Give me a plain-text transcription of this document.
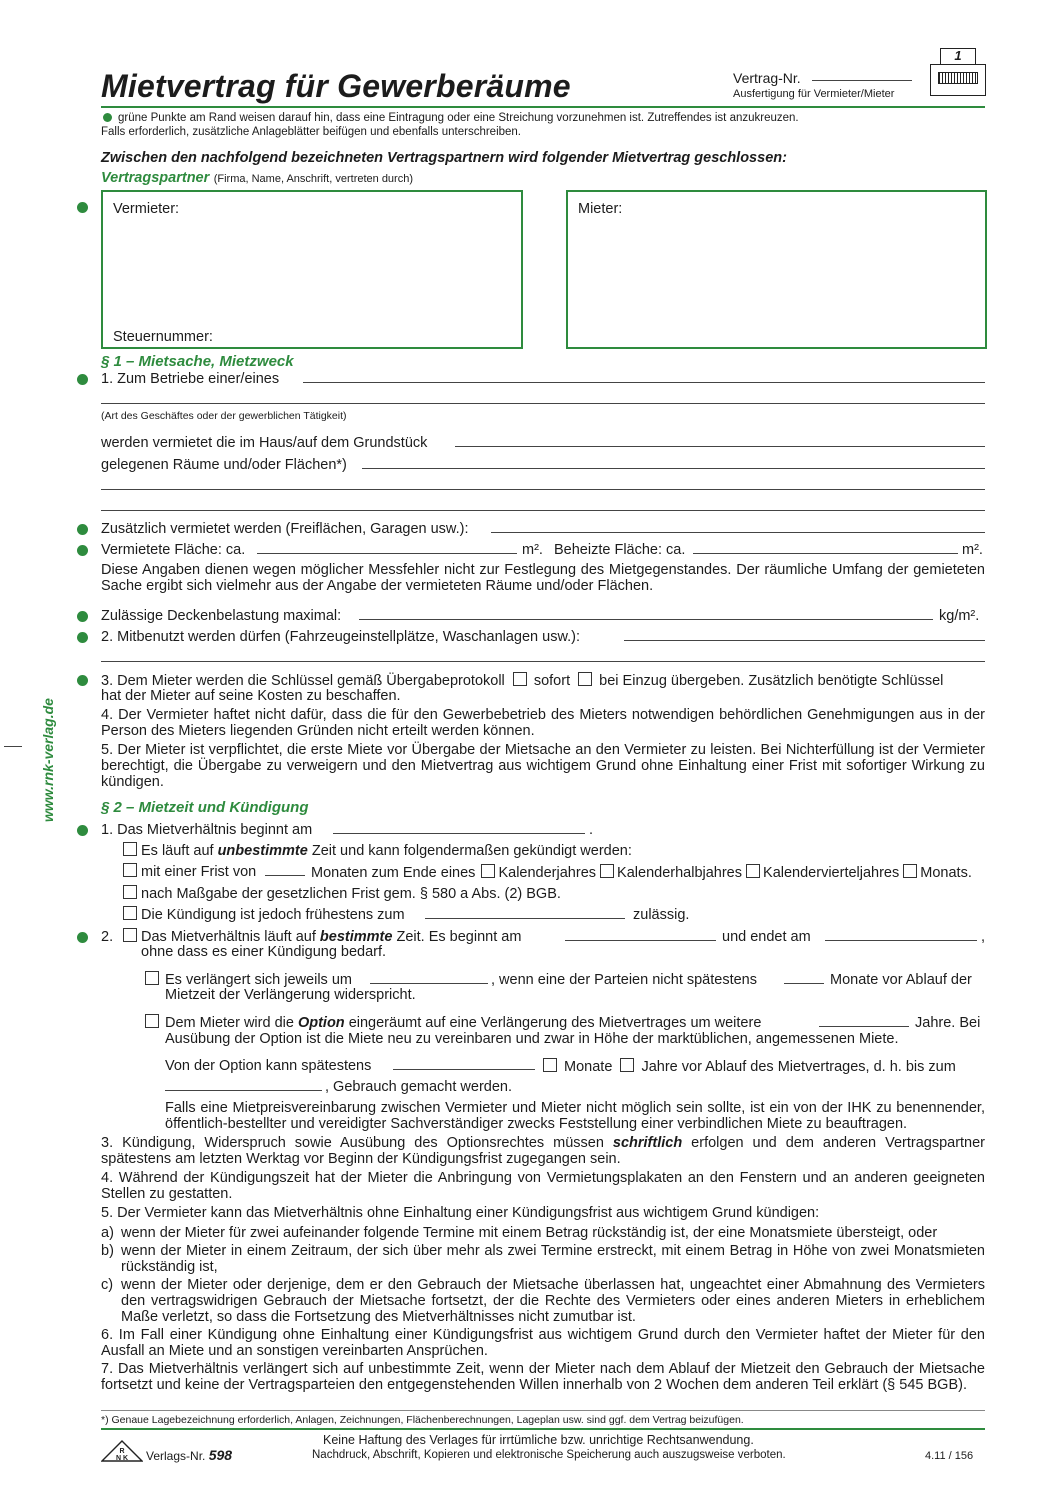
www.rnk-verlag.de
Mietvertrag für Gewerberäume	Vertrag-Nr.
Ausfertigung für Vermieter/Mieter
1
grüne Punkte am Rand weisen darauf hin, dass eine Eintragung oder eine Streichung vorzunehmen ist. Zutreffendes ist anzukreuzen.
Falls erforderlich, zusätzliche Anlageblätter beifügen und ebenfalls unterschreiben.
Zwischen den nachfolgend bezeichneten Vertragspartnern wird folgender Mietvertrag geschlossen:
Vertragspartner (Firma, Name, Anschrift, vertreten durch)
Vermieter:
Steuernummer:
Mieter:
§ 1 – Mietsache, Mietzweck
1. Zum Betriebe einer/eines
(Art des Geschäftes oder der gewerblichen Tätigkeit)
werden vermietet die im Haus/auf dem Grundstück
gelegenen Räume und/oder Flächen*)
Zusätzlich vermietet werden (Freiflächen, Garagen usw.):
Vermietete Fläche: ca.	m². Beheizte Fläche: ca.	m².
Diese Angaben dienen wegen möglicher Messfehler nicht zur Festlegung des Mietgegenstandes. Der räumliche Umfang der gemieteten Sache ergibt sich vielmehr aus der Angabe der vermieteten Räume und/oder Flächen.
Zulässige Deckenbelastung maximal:	kg/m².
2. Mitbenutzt werden dürfen (Fahrzeugeinstellplätze, Waschanlagen usw.):
3. Dem Mieter werden die Schlüssel gemäß Übergabeprotokoll sofort bei Einzug übergeben. Zusätzlich benötigte Schlüssel
hat der Mieter auf seine Kosten zu beschaffen.
4. Der Vermieter haftet nicht dafür, dass die für den Gewerbebetrieb des Mieters notwendigen behördlichen Genehmigungen aus in der Person des Mieters liegenden Gründen nicht erteilt werden können.
5. Der Mieter ist verpflichtet, die erste Miete vor Übergabe der Mietsache an den Vermieter zu leisten. Bei Nichterfüllung ist der Vermieter berechtigt, die Übergabe zu verweigern und den Mietvertrag aus wichtigem Grund ohne Einhaltung einer Frist mit sofortiger Wirkung zu kündigen.
§ 2 – Mietzeit und Kündigung
1. Das Mietverhältnis beginnt am	.
Es läuft auf unbestimmte Zeit und kann folgendermaßen gekündigt werden:
mit einer Frist von	Monaten zum Ende eines Kalenderjahres Kalenderhalbjahres Kalendervierteljahres Monats.
nach Maßgabe der gesetzlichen Frist gem. § 580 a Abs. (2) BGB.
Die Kündigung ist jedoch frühestens zum	zulässig.
2. Das Mietverhältnis läuft auf bestimmte Zeit. Es beginnt am	und endet am	,
ohne dass es einer Kündigung bedarf.
Es verlängert sich jeweils um	, wenn eine der Parteien nicht spätestens	Monate vor Ablauf der
Mietzeit der Verlängerung widerspricht.
Dem Mieter wird die Option eingeräumt auf eine Verlängerung des Mietvertrages um weitere	Jahre. Bei
Ausübung der Option ist die Miete neu zu vereinbaren und zwar in Höhe der marktüblichen, angemessenen Miete.
Von der Option kann spätestens	Monate Jahre vor Ablauf des Mietvertrages, d. h. bis zum
, Gebrauch gemacht werden.
Falls eine Mietpreisvereinbarung zwischen Vermieter und Mieter nicht möglich sein sollte, ist ein von der IHK zu benennender, öffentlich-bestellter und vereidigter Sachverständiger zwecks Feststellung einer verbindlichen Miete zu beauftragen.
3. Kündigung, Widerspruch sowie Ausübung des Optionsrechtes müssen schriftlich erfolgen und dem anderen Vertragspartner spätestens am letzten Werktag vor Beginn der Kündigungsfrist zugegangen sein.
4. Während der Kündigungszeit hat der Mieter die Anbringung von Vermietungsplakaten an den Fenstern und an anderen geeigneten Stellen zu gestatten.
5. Der Vermieter kann das Mietverhältnis ohne Einhaltung einer Kündigungsfrist aus wichtigem Grund kündigen:
a) wenn der Mieter für zwei aufeinander folgende Termine mit einem Betrag rückständig ist, der eine Monatsmiete übersteigt, oder
b) wenn der Mieter in einem Zeitraum, der sich über mehr als zwei Termine erstreckt, mit einem Betrag in Höhe von zwei Monatsmieten rückständig ist,
c) wenn der Mieter oder derjenige, dem er den Gebrauch der Mietsache überlassen hat, ungeachtet einer Abmahnung des Vermieters den vertragswidrigen Gebrauch der Mietsache fortsetzt, der die Rechte des Vermieters oder eines anderen Mieters in erheblichem Maße verletzt, so dass die Fortsetzung des Mietverhältnisses nicht zumutbar ist.
6. Im Fall einer Kündigung ohne Einhaltung einer Kündigungsfrist aus wichtigem Grund durch den Vermieter haftet der Mieter für den Ausfall an Miete und an sonstigen vereinbarten Ansprüchen.
7. Das Mietverhältnis verlängert sich auf unbestimmte Zeit, wenn der Mieter nach dem Ablauf der Mietzeit den Gebrauch der Mietsache fortsetzt und keine der Vertragsparteien den entgegenstehenden Willen innerhalb von 2 Wochen dem anderen Teil erklärt (§ 545 BGB).
*) Genaue Lagebezeichnung erforderlich, Anlagen, Zeichnungen, Flächenberechnungen, Lageplan usw. sind ggf. dem Vertrag beizufügen.
R
N K Verlags-Nr. 598
Keine Haftung des Verlages für irrtümliche bzw. unrichtige Rechtsanwendung.
Nachdruck, Abschrift, Kopieren und elektronische Speicherung auch auszugsweise verboten.	4.11 / 156
